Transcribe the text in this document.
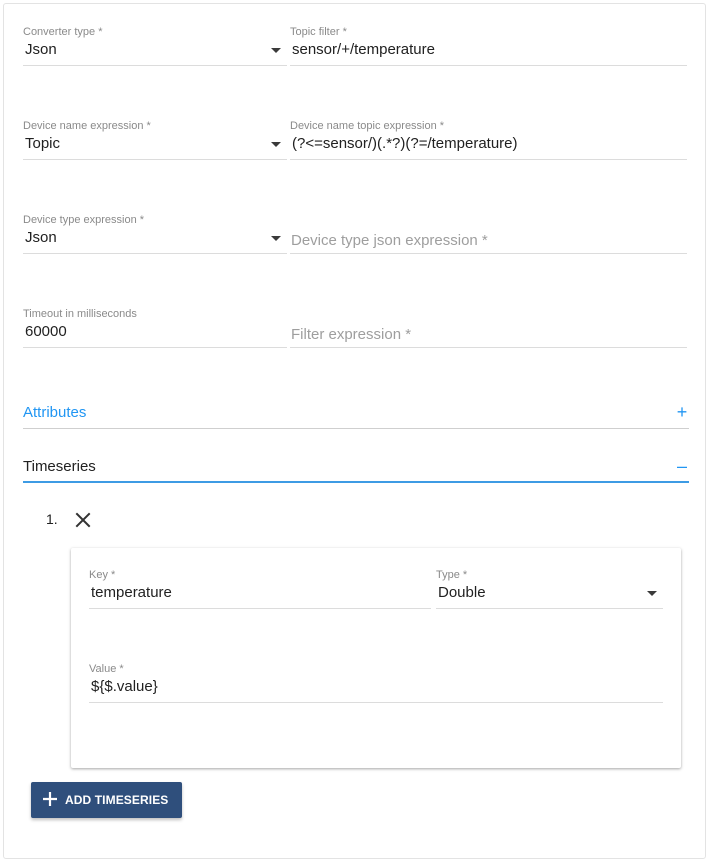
Converter type *
Json
Topic filter *
sensor/+/temperature
Device name expression *
Topic
Device name topic expression *
(?<=sensor/)(.*?)(?=/temperature)
Device type expression *
Json	Device type json expression *
Timeout in milliseconds
60000	Filter expression *
Attributes	+
Timeseries	–
1.
Key *
temperature
Type *
Double
Value *
${$.value}
ADD TIMESERIES
